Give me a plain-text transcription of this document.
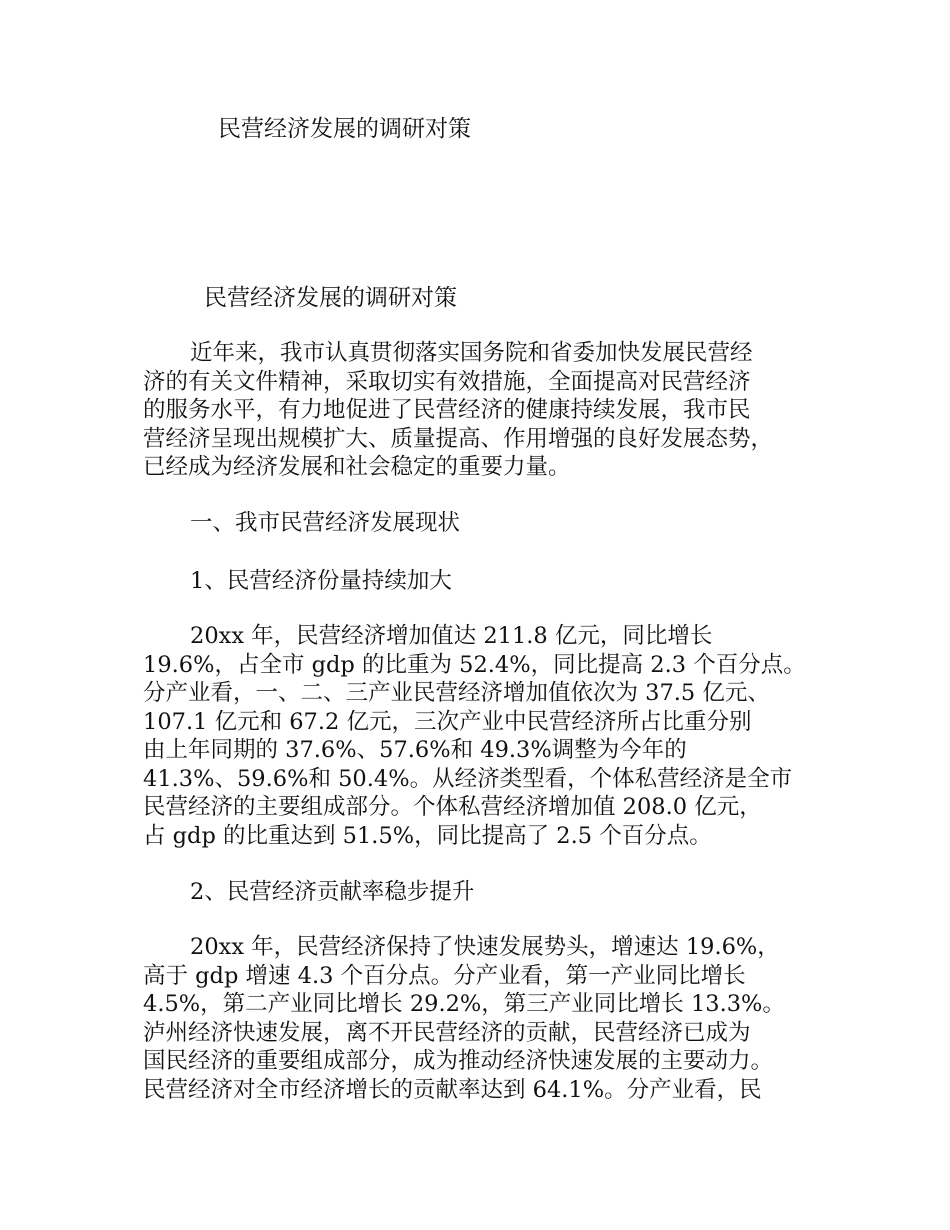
民营经济发展的调研对策
民营经济发展的调研对策
近年来，我市认真贯彻落实国务院和省委加快发展民营经
济的有关文件精神，采取切实有效措施，全面提高对民营经济
的服务水平，有力地促进了民营经济的健康持续发展，我市民
营经济呈现出规模扩大、质量提高、作用增强的良好发展态势，
已经成为经济发展和社会稳定的重要力量。
一、我市民营经济发展现状
1、民营经济份量持续加大
20xx 年，民营经济增加值达 211.8 亿元，同比增长
19.6%，占全市 gdp 的比重为 52.4%，同比提高 2.3 个百分点。
分产业看，一、二、三产业民营经济增加值依次为 37.5 亿元、
107.1 亿元和 67.2 亿元，三次产业中民营经济所占比重分别
由上年同期的 37.6%、57.6%和 49.3%调整为今年的
41.3%、59.6%和 50.4%。从经济类型看，个体私营经济是全市
民营经济的主要组成部分。个体私营经济增加值 208.0 亿元，
占 gdp 的比重达到 51.5%，同比提高了 2.5 个百分点。
2、民营经济贡献率稳步提升
20xx 年，民营经济保持了快速发展势头，增速达 19.6%，
高于 gdp 增速 4.3 个百分点。分产业看，第一产业同比增长
4.5%，第二产业同比增长 29.2%，第三产业同比增长 13.3%。
泸州经济快速发展，离不开民营经济的贡献，民营经济已成为
国民经济的重要组成部分，成为推动经济快速发展的主要动力。
民营经济对全市经济增长的贡献率达到 64.1%。分产业看，民
